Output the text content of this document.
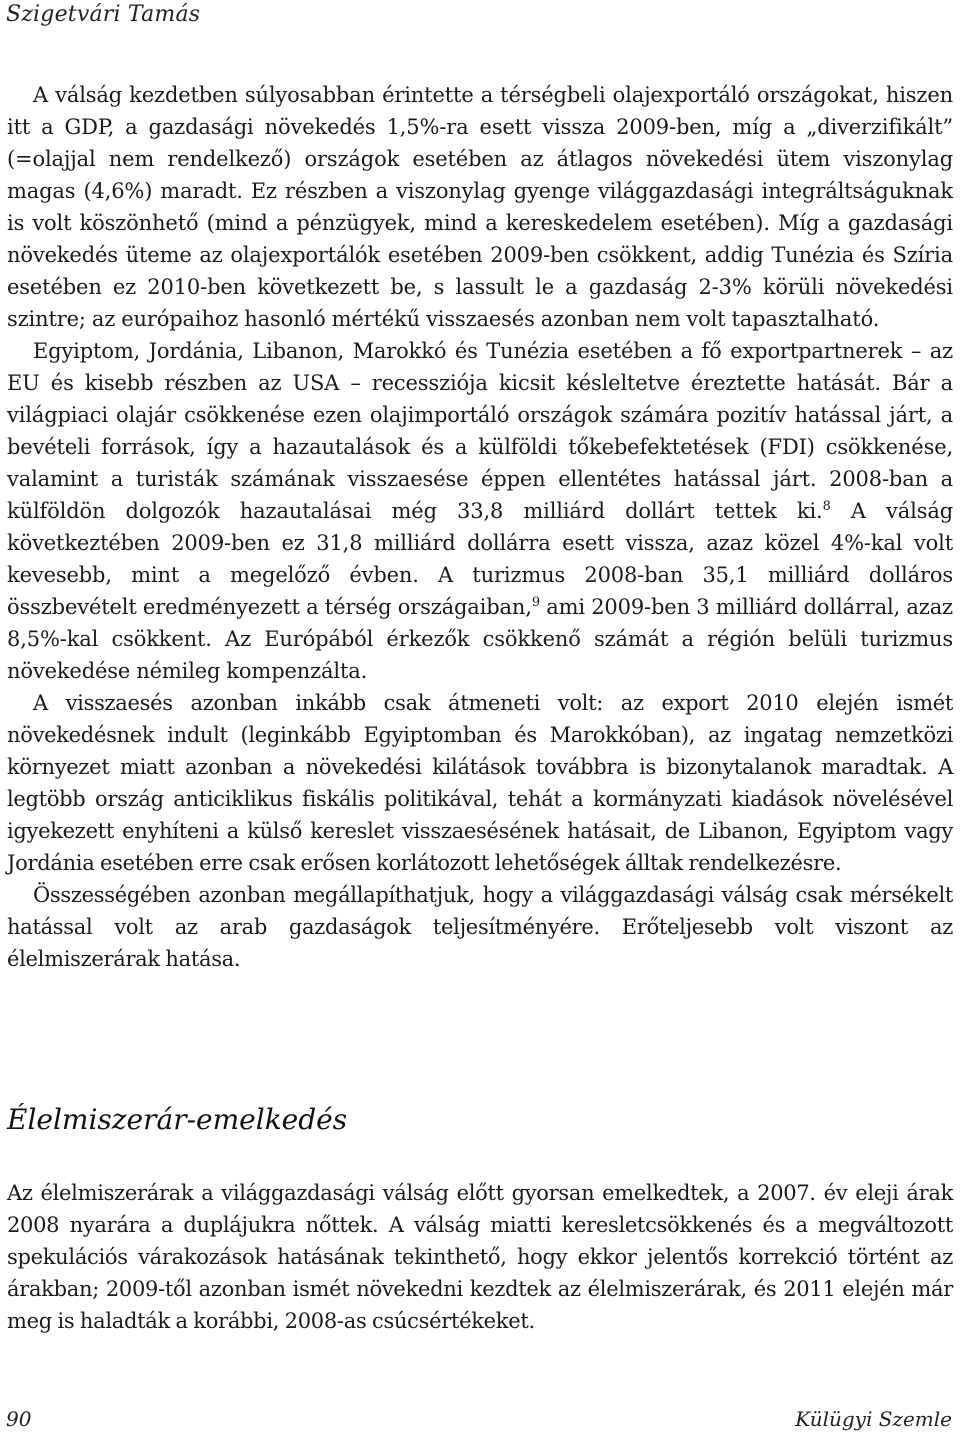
Szigetvári Tamás

A válság kezdetben súlyosabban érintette a térségbeli olajexportáló országokat, hiszen itt a GDP, a gazdasági növekedés 1,5%-ra esett vissza 2009-ben, míg a „diverzifikált” (=olajjal nem rendelkező) országok esetében az átlagos növekedési ütem viszonylag magas (4,6%) maradt. Ez részben a viszonylag gyenge világgazdasági integráltságuknak is volt köszönhető (mind a pénzügyek, mind a kereskedelem esetében). Míg a gazdasági növekedés üteme az olajexportálók esetében 2009-ben csökkent, addig Tunézia és Szíria esetében ez 2010-ben következett be, s lassult le a gazdaság 2-3% körüli növekedési szintre; az európaihoz hasonló mértékű visszaesés azonban nem volt tapasztalható.

Egyiptom, Jordánia, Libanon, Marokkó és Tunézia esetében a fő exportpartnerek – az EU és kisebb részben az USA – recessziója kicsit késleltetve éreztette hatását. Bár a világpiaci olajár csökkenése ezen olajimportáló országok számára pozitív hatással járt, a bevételi források, így a hazautalások és a külföldi tőkebefektetések (FDI) csökkenése, valamint a turisták számának visszaesése éppen ellentétes hatással járt. 2008-ban a külföldön dolgozók hazautalásai még 33,8 milliárd dollárt tettek ki.$^8$ A válság következtében 2009-ben ez 31,8 milliárd dollárra esett vissza, azaz közel 4%-kal volt kevesebb, mint a megelőző évben. A turizmus 2008-ban 35,1 milliárd dolláros összbevételt eredményezett a térség országaiban,$^9$ ami 2009-ben 3 milliárd dollárral, azaz 8,5%-kal csökkent. Az Európából érkezők csökkenő számát a régión belüli turizmus növekedése némileg kompenzálta.

A visszaesés azonban inkább csak átmeneti volt: az export 2010 elején ismét növekedésnek indult (leginkább Egyiptomban és Marokkóban), az ingatag nemzetközi környezet miatt azonban a növekedési kilátások továbbra is bizonytalanok maradtak. A legtöbb ország anticiklikus fiskális politikával, tehát a kormányzati kiadások növelésével igyekezett enyhíteni a külső kereslet visszaesésének hatásait, de Libanon, Egyiptom vagy Jordánia esetében erre csak erősen korlátozott lehetőségek álltak rendelkezésre.

Összességében azonban megállapíthatjuk, hogy a világgazdasági válság csak mérsékelt hatással volt az arab gazdaságok teljesítményére. Erőteljesebb volt viszont az élelmiszerárak hatása.

Élelmiszerár-emelkedés

Az élelmiszerárak a világgazdasági válság előtt gyorsan emelkedtek, a 2007. év eleji árak 2008 nyarára a duplájukra nőttek. A válság miatti keresletcsökkenés és a megváltozott spekulációs várakozások hatásának tekinthető, hogy ekkor jelentős korrekció történt az árakban; 2009-től azonban ismét növekedni kezdtek az élelmiszerárak, és 2011 elején már meg is haladták a korábbi, 2008-as csúcsértékeket.

90	Külügyi Szemle
